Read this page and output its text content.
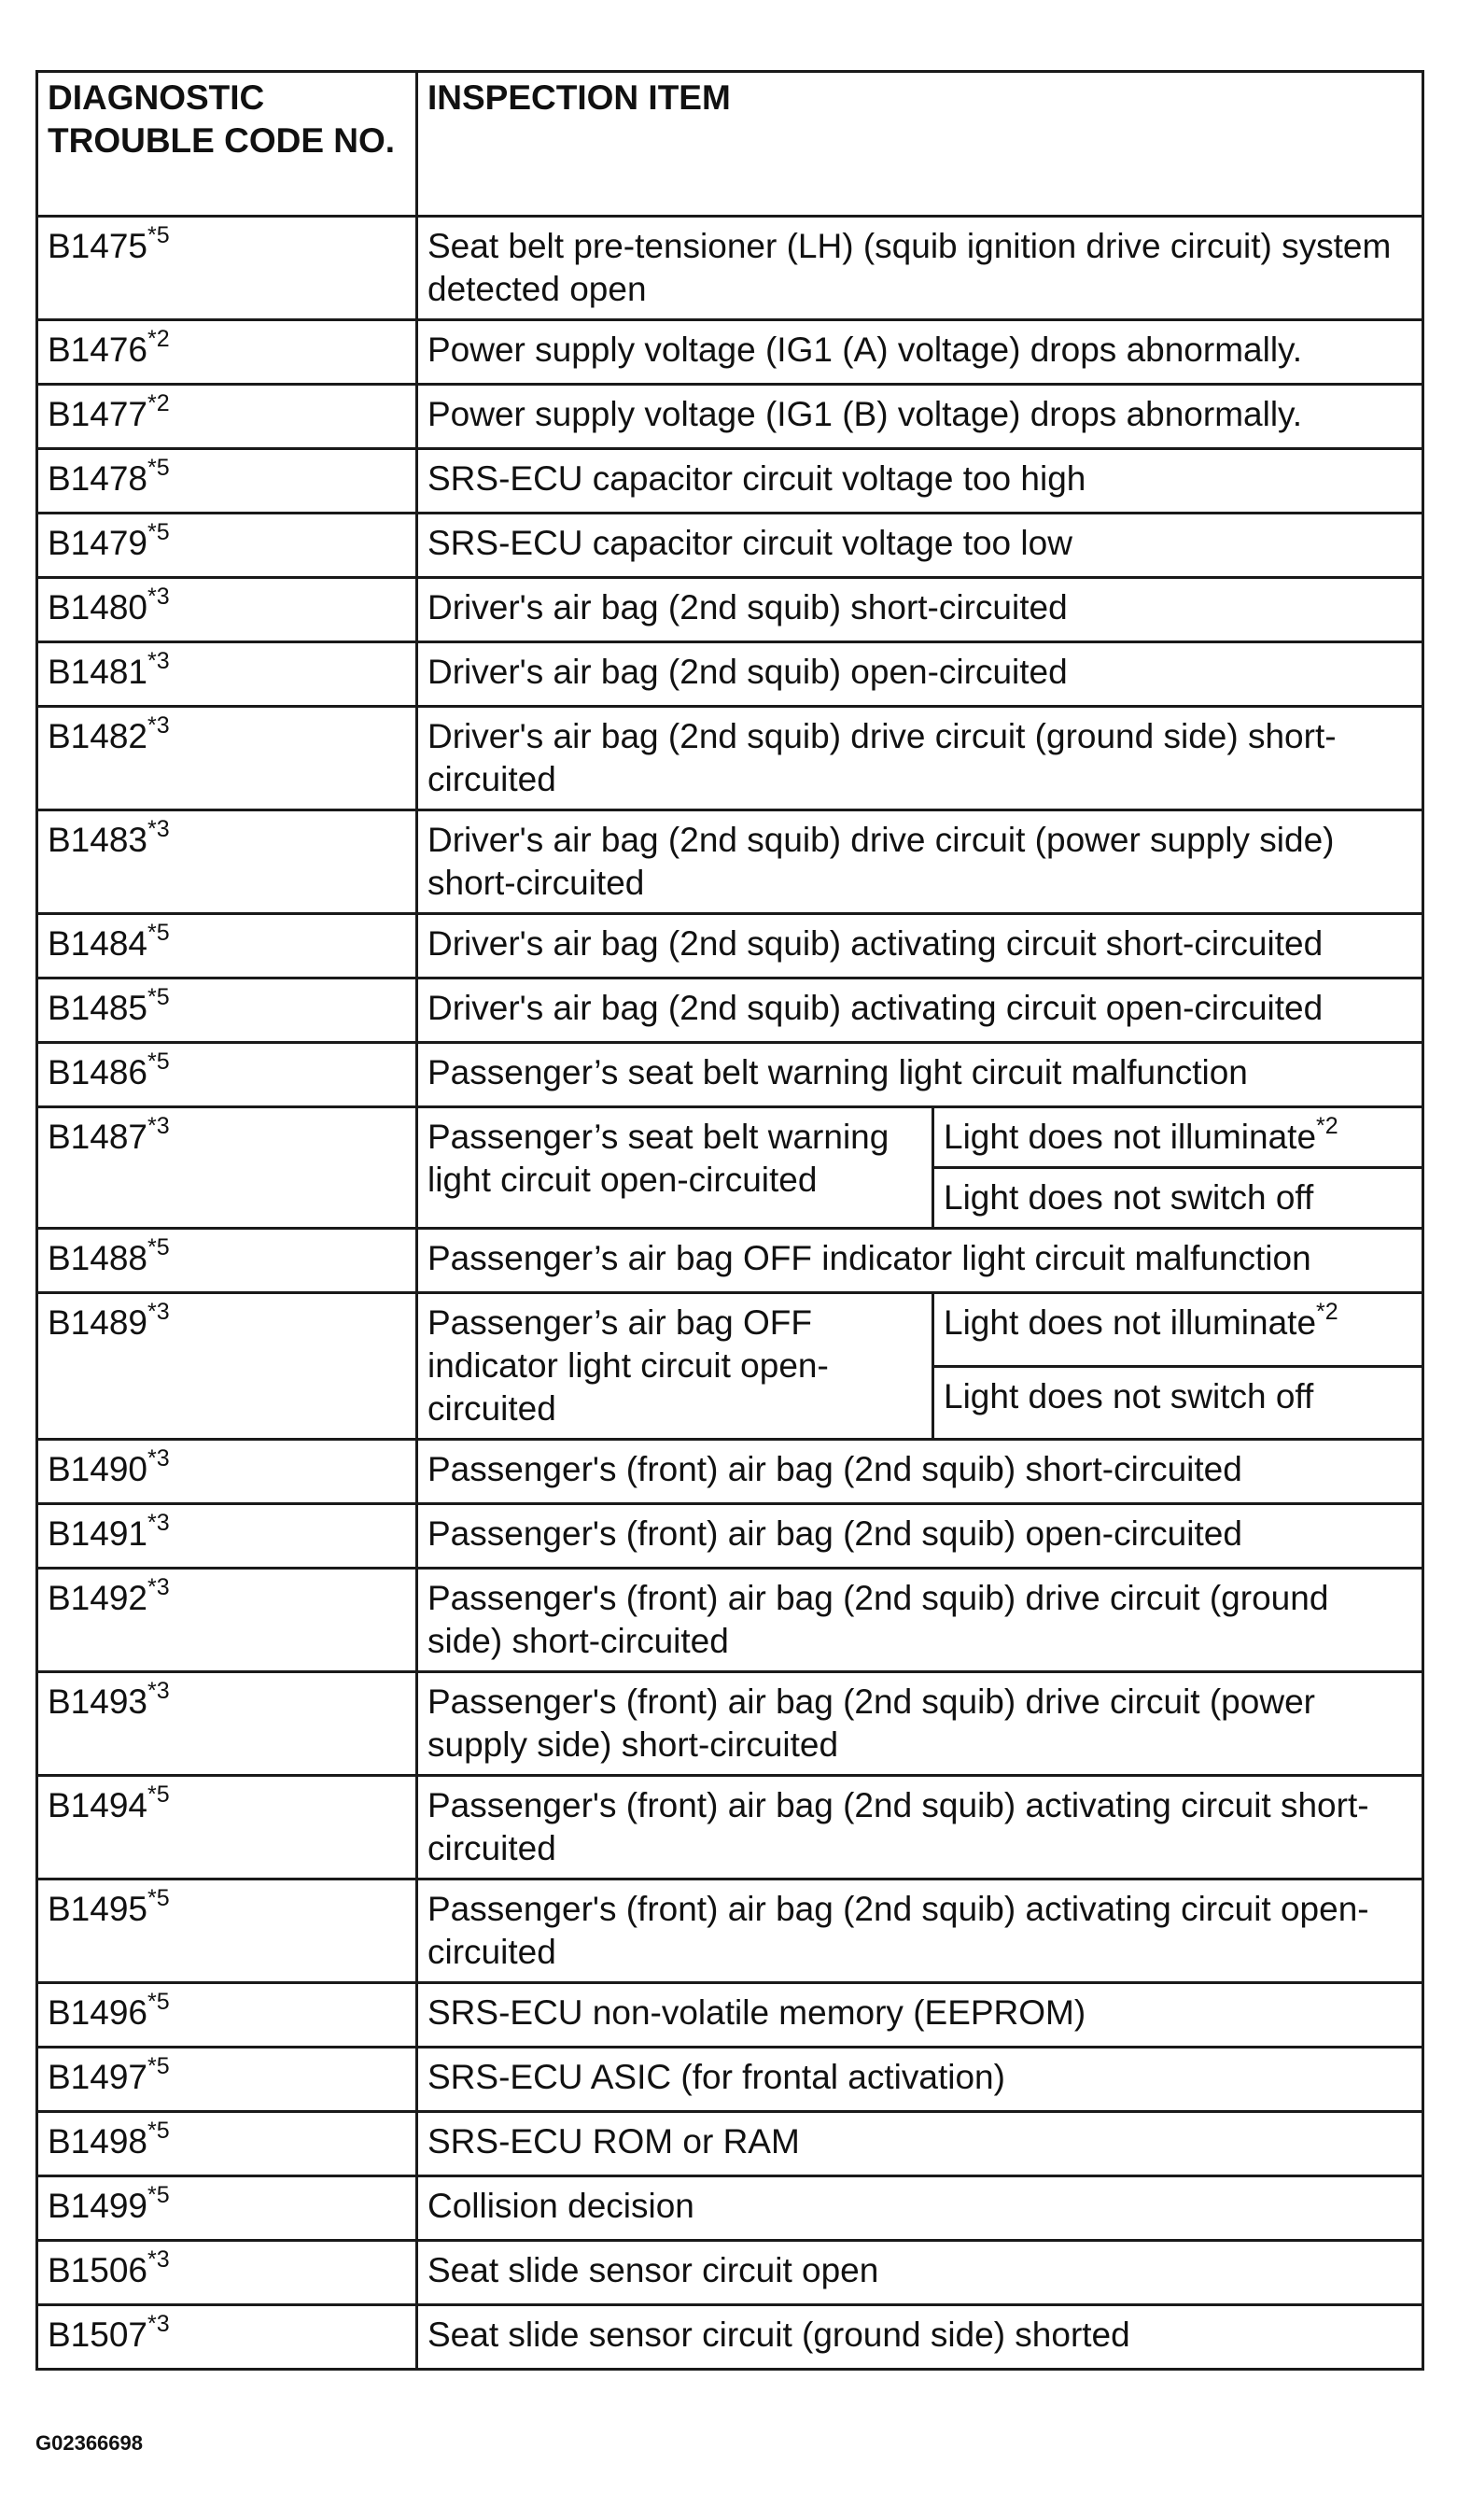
DIAGNOSTIC TROUBLE CODE NO.	INSPECTION ITEM	
B1475$^{*5}$	Seat belt pre-tensioner (LH) (squib ignition drive circuit) system detected open	
B1476$^{*2}$	Power supply voltage (IG1 (A) voltage) drops abnormally.	
B1477$^{*2}$	Power supply voltage (IG1 (B) voltage) drops abnormally.	
B1478$^{*5}$	SRS-ECU capacitor circuit voltage too high	
B1479$^{*5}$	SRS-ECU capacitor circuit voltage too low	
B1480$^{*3}$	Driver's air bag (2nd squib) short-circuited	
B1481$^{*3}$	Driver's air bag (2nd squib) open-circuited	
B1482$^{*3}$	Driver's air bag (2nd squib) drive circuit (ground side) short-circuited	
B1483$^{*3}$	Driver's air bag (2nd squib) drive circuit (power supply side) short-circuited	
B1484$^{*5}$	Driver's air bag (2nd squib) activating circuit short-circuited	
B1485$^{*5}$	Driver's air bag (2nd squib) activating circuit open-circuited	
B1486$^{*5}$	Passenger’s seat belt warning light circuit malfunction	
B1487$^{*3}$	Passenger’s seat belt warning light circuit open-circuited	Light does not illuminate$^{*2}$
		Light does not switch off
B1488$^{*5}$	Passenger’s air bag OFF indicator light circuit malfunction	
B1489$^{*3}$	Passenger’s air bag OFF indicator light circuit open-circuited	Light does not illuminate$^{*2}$
		Light does not switch off
B1490$^{*3}$	Passenger's (front) air bag (2nd squib) short-circuited	
B1491$^{*3}$	Passenger's (front) air bag (2nd squib) open-circuited	
B1492$^{*3}$	Passenger's (front) air bag (2nd squib) drive circuit (ground side) short-circuited	
B1493$^{*3}$	Passenger's (front) air bag (2nd squib) drive circuit (power supply side) short-circuited	
B1494$^{*5}$	Passenger's (front) air bag (2nd squib) activating circuit short-circuited	
B1495$^{*5}$	Passenger's (front) air bag (2nd squib) activating circuit open-circuited	
B1496$^{*5}$	SRS-ECU non-volatile memory (EEPROM)	
B1497$^{*5}$	SRS-ECU ASIC (for frontal activation)	
B1498$^{*5}$	SRS-ECU ROM or RAM	
B1499$^{*5}$	Collision decision	
B1506$^{*3}$	Seat slide sensor circuit open	
B1507$^{*3}$	Seat slide sensor circuit (ground side) shorted	
G02366698
